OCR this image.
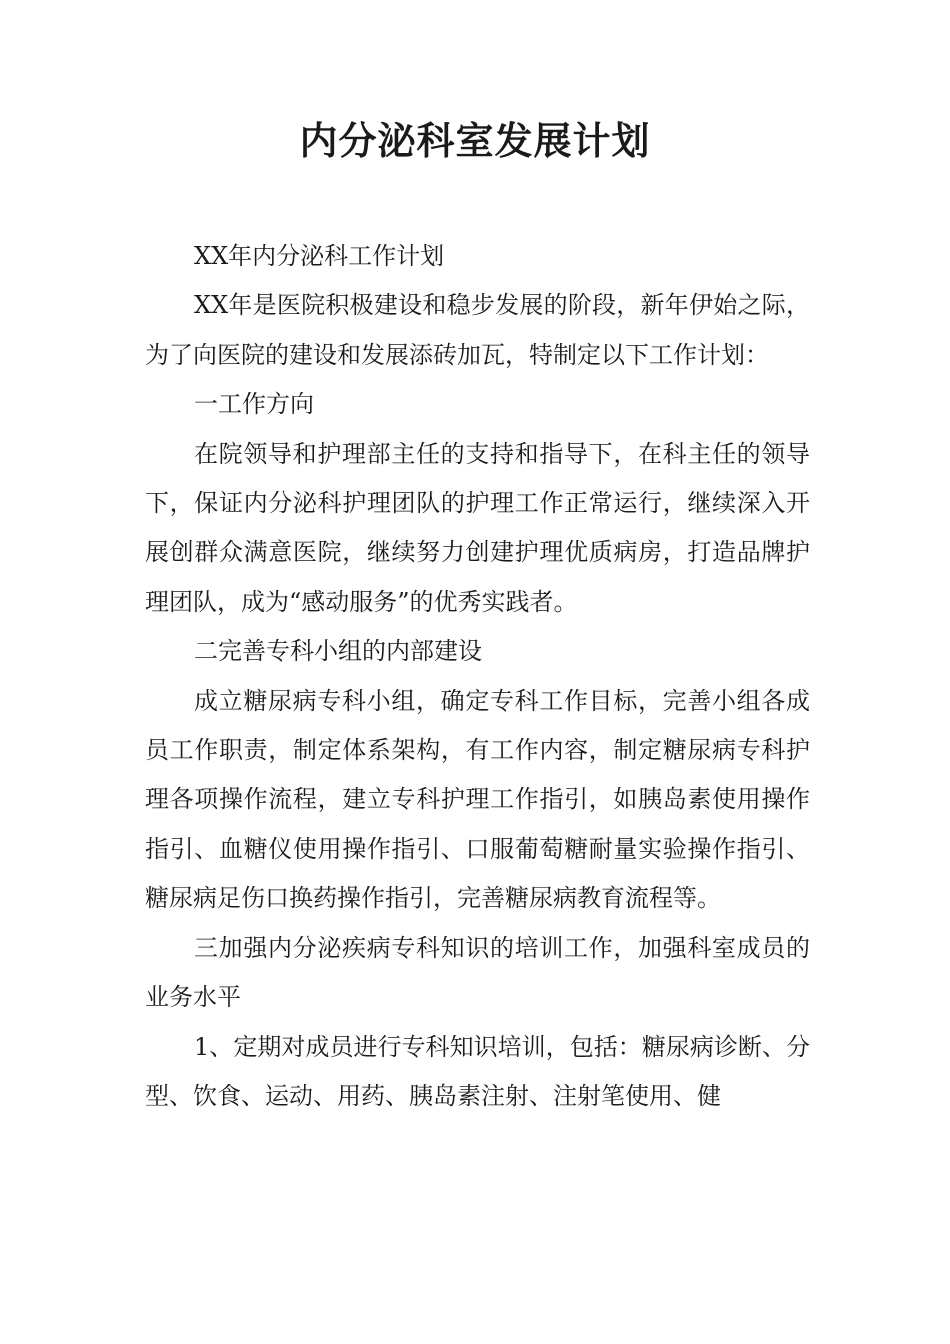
内分泌科室发展计划

XX年内分泌科工作计划

XX年是医院积极建设和稳步发展的阶段，新年伊始之际，为了向医院的建设和发展添砖加瓦，特制定以下工作计划：

一工作方向

在院领导和护理部主任的支持和指导下，在科主任的领导下，保证内分泌科护理团队的护理工作正常运行，继续深入开展创群众满意医院，继续努力创建护理优质病房，打造品牌护理团队，成为“感动服务”的优秀实践者。

二完善专科小组的内部建设

成立糖尿病专科小组，确定专科工作目标，完善小组各成员工作职责，制定体系架构，有工作内容，制定糖尿病专科护理各项操作流程，建立专科护理工作指引，如胰岛素使用操作指引、血糖仪使用操作指引、口服葡萄糖耐量实验操作指引、糖尿病足伤口换药操作指引，完善糖尿病教育流程等。

三加强内分泌疾病专科知识的培训工作，加强科室成员的业务水平

1、定期对成员进行专科知识培训，包括：糖尿病诊断、分型、饮食、运动、用药、胰岛素注射、注射笔使用、健
